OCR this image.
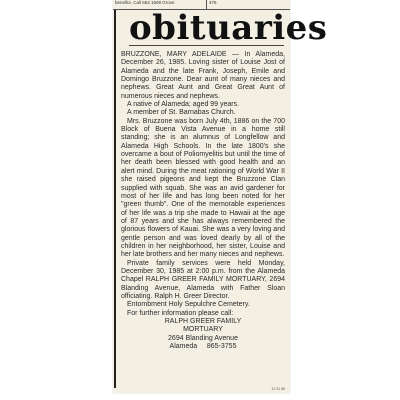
benefits. Call 653 1608 Grove	476
obituaries

BRUZZONE, MARY ADELAIDE — In Alameda, December 26, 1985. Loving sister of Louise Jost of Alameda and the late Frank, Joseph, Emile and Domingo Bruzzone. Dear aunt of many nieces and nephews. Great Aunt and Great Great Aunt of numerous nieces and nephews.

A native of Alameda; aged 99 years.

A member of St. Barnabas Church.

Mrs. Bruzzone was born July 4th, 1886 on the 700 Block of Buena Vista Avenue in a home still standing; she is an alumnus of Longfellow and Alameda High Schools. In the late 1800's she overcame a bout of Poliomyelitis but until the time of her death been blessed with good health and an alert mind. During the meat rationing of World War II she raised pigeons and kept the Bruzzone Clan supplied with squab. She was an avid gardener for most of her life and has long been noted for her "green thumb". One of the memorable experiences of her life was a trip she made to Hawaii at the age of 87 years and she has always remembered the glorious flowers of Kauai. She was a very loving and gentle person and was loved dearly by all of the children in her neighborhood, her sister, Louise and her late brothers and her many nieces and nephews.

Private family services were held Monday, December 30, 1985 at 2:00 p.m. from the Alameda Chapel RALPH GREER FAMILY MORTUARY, 2694 Blanding Avenue, Alameda with Father Sloan officiating. Ralph H. Greer Director.

Entombment Holy Sepulchre Cemetery.

For further information please call:

RALPH GREER FAMILY

MORTUARY

2694 Blanding Avenue

Alameda     865-3755

12 31 85
